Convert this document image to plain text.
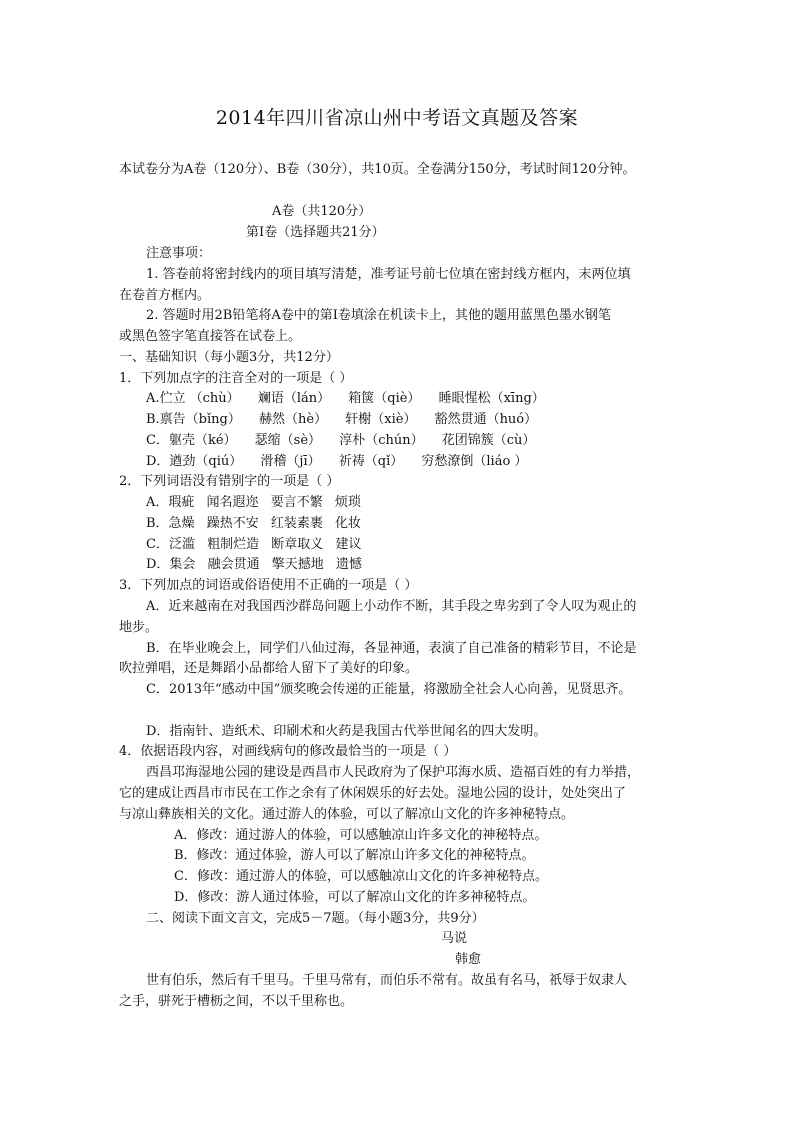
2014年四川省凉山州中考语文真题及答案
本试卷分为A卷（120分）、B卷（30分），共10页。全卷满分150分，考试时间120分钟。
A卷（共120分）
第Ⅰ卷（选择题共21分）
注意事项：
1. 答卷前将密封线内的项目填写清楚，准考证号前七位填在密封线方框内，末两位填
在卷首方框内。
2. 答题时用2B铅笔将A卷中的第Ⅰ卷填涂在机读卡上，其他的题用蓝黑色墨水钢笔
或黑色签字笔直接答在试卷上。
一、基础知识（每小题3分，共12分）
1．下列加点字的注音全对的一项是（ ）
A.伫立 （chù） 斓语（lán） 箱箧（qiè） 睡眼惺松（xīng）
B.禀告（bǐng） 赫然（hè） 轩榭（xiè） 豁然贯通（huó）
C．躯壳（ké） 瑟缩（sè） 淳朴（chún） 花团锦簇（cù）
D．遒劲（qiú） 滑稽（jī） 祈祷（qǐ） 穷愁潦倒（liáo ）
2．下列词语没有错别字的一项是（ ）
A．瑕疵 闻名遐迩 要言不繁 烦琐
B．急燥 躁热不安 红装素裹 化妆
C．泛滥 粗制烂造 断章取义 建议
D．集会 融会贯通 擎天撼地 遗憾
3．下列加点的词语或俗语使用不正确的一项是（ ）
A．近来越南在对我国西沙群岛问题上小动作不断，其手段之卑劣到了令人叹为观止的
地步。
B．在毕业晚会上，同学们八仙过海，各显神通，表演了自己准备的精彩节目，不论是
吹拉弹唱，还是舞蹈小品都给人留下了美好的印象。
C．2013年“感动中国”颁奖晚会传递的正能量，将激励全社会人心向善，见贤思齐。
D．指南针、造纸术、印刷术和火药是我国古代举世闻名的四大发明。
4．依据语段内容，对画线病句的修改最恰当的一项是（ ）
西昌邛海湿地公园的建设是西昌市人民政府为了保护邛海水质、造福百姓的有力举措，
它的建成让西昌市市民在工作之余有了休闲娱乐的好去处。湿地公园的设计，处处突出了
与凉山彝族相关的文化。通过游人的体验，可以了解凉山文化的许多神秘特点。
A．修改：通过游人的体验，可以感触凉山许多文化的神秘特点。
B．修改：通过体验，游人可以了解凉山许多文化的神秘特点。
C．修改：通过游人的体验，可以感触凉山文化的许多神秘特点。
D．修改：游人通过体验，可以了解凉山文化的许多神秘特点。
二、阅读下面文言文，完成5－7题。（每小题3分，共9分）
马说
韩愈
世有伯乐，然后有千里马。千里马常有，而伯乐不常有。故虽有名马，祇辱于奴隶人
之手，骈死于槽枥之间，不以千里称也。
